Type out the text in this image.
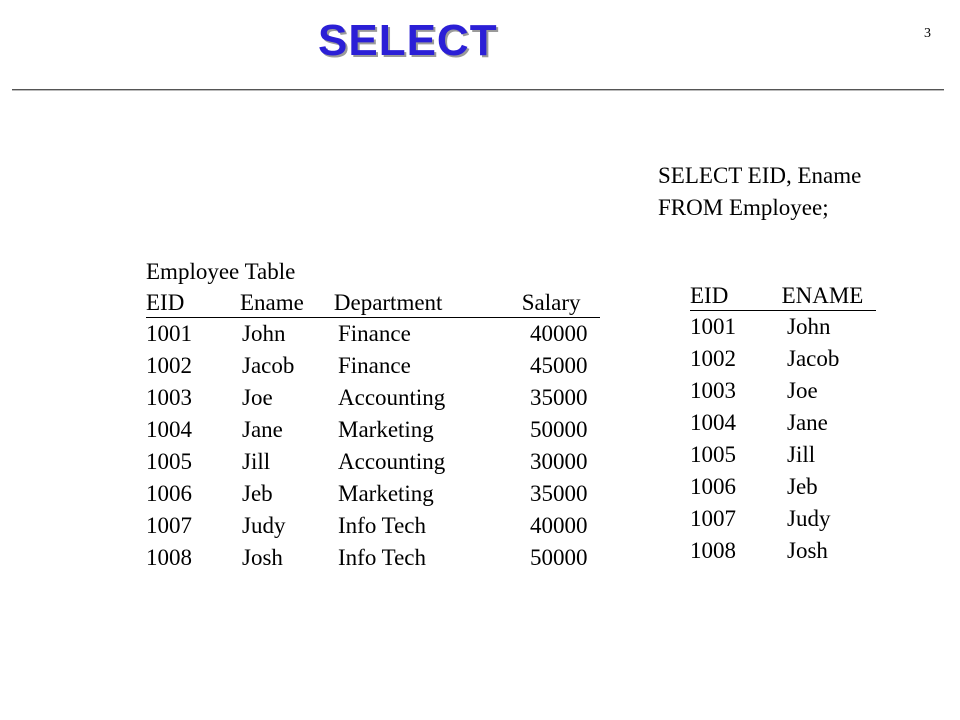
SELECT	3
SELECT EID, Ename
FROM Employee;
Employee Table
EID	Ename	Department	Salary
1001	John	Finance	40000
1002	Jacob	Finance	45000
1003	Joe	Accounting	35000
1004	Jane	Marketing	50000
1005	Jill	Accounting	30000
1006	Jeb	Marketing	35000
1007	Judy	Info Tech	40000
1008	Josh	Info Tech	50000
EID	ENAME
1001	John
1002	Jacob
1003	Joe
1004	Jane
1005	Jill
1006	Jeb
1007	Judy
1008	Josh
